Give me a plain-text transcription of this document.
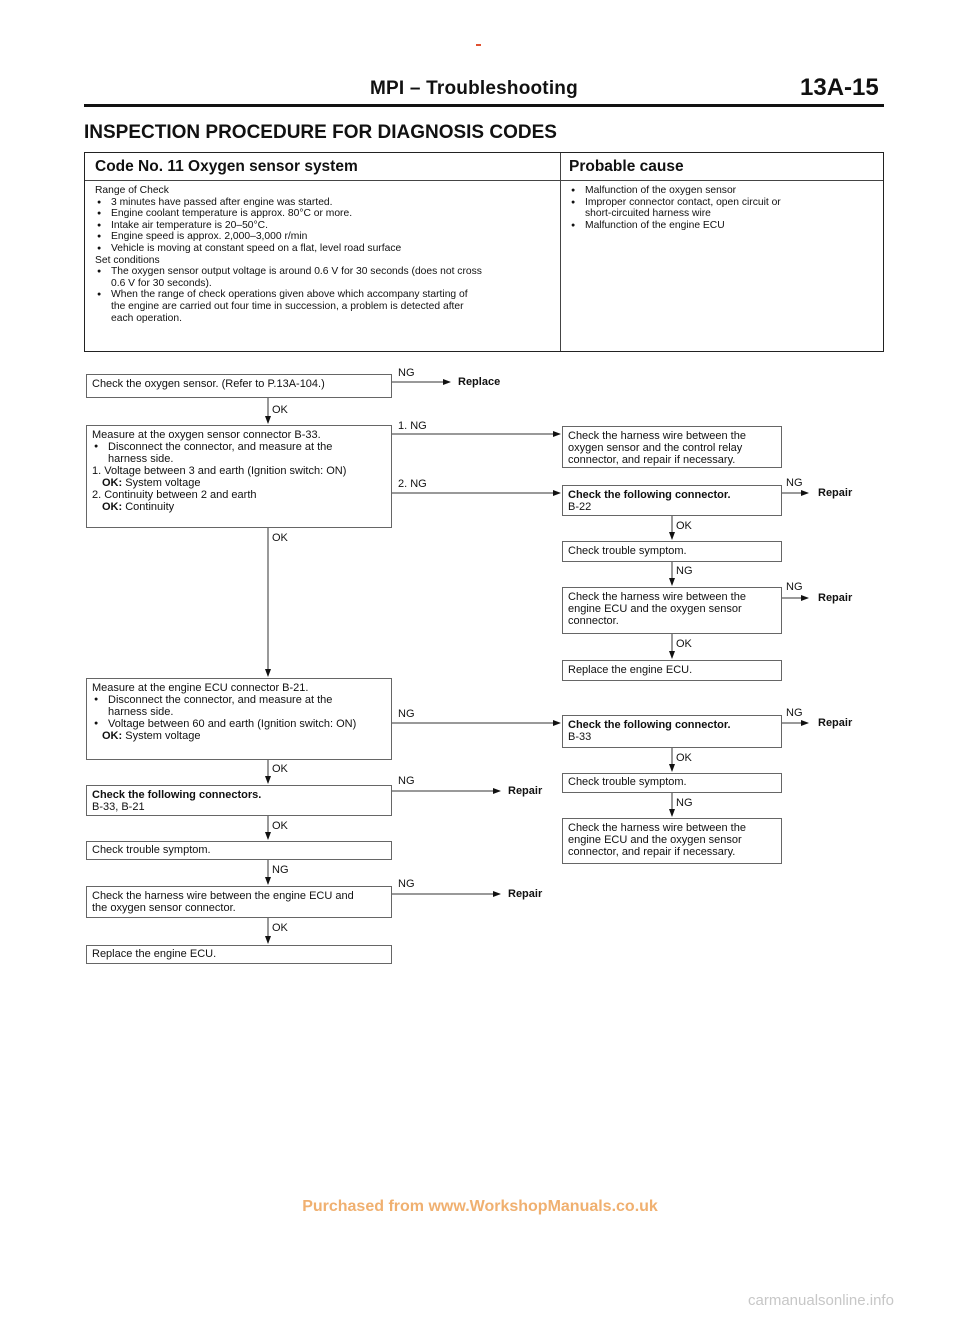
MPI – Troubleshooting	13A-15
INSPECTION PROCEDURE FOR DIAGNOSIS CODES
Code No. 11 Oxygen sensor system	Probable cause
Range of Check
● 3 minutes have passed after engine was started.
● Engine coolant temperature is approx. 80°C or more.
● Intake air temperature is 20–50°C.
● Engine speed is approx. 2,000–3,000 r/min
● Vehicle is moving at constant speed on a flat, level road surface
Set conditions
● The oxygen sensor output voltage is around 0.6 V for 30 seconds (does not cross
0.6 V for 30 seconds).
● When the range of check operations given above which accompany starting of
the engine are carried out four time in succession, a problem is detected after
each operation.
● Malfunction of the oxygen sensor
● Improper connector contact, open circuit or
short-circuited harness wire
● Malfunction of the engine ECU
Check the oxygen sensor. (Refer to P.13A-104.)
NG
Replace
OK
Measure at the oxygen sensor connector B-33.
● Disconnect the connector, and measure at the
harness side.
1. Voltage between 3 and earth (Ignition switch: ON)
OK: System voltage
2. Continuity between 2 and earth
OK: Continuity
1. NG
2. NG
OK
Measure at the engine ECU connector B-21.
● Disconnect the connector, and measure at the
harness side.
● Voltage between 60 and earth (Ignition switch: ON)
OK: System voltage
NG
OK
Check the following connectors.
B-33, B-21
NG
Repair
OK
Check trouble symptom.
NG
Check the harness wire between the engine ECU and
the oxygen sensor connector.
NG
Repair
OK
Replace the engine ECU.
Check the harness wire between the
oxygen sensor and the control relay
connector, and repair if necessary.
Check the following connector.
B-22
NG
Repair
OK
Check trouble symptom.
NG
Check the harness wire between the
engine ECU and the oxygen sensor
connector.
NG
Repair
OK
Replace the engine ECU.
Check the following connector.
B-33
NG
Repair
OK
Check trouble symptom.
NG
Check the harness wire between the
engine ECU and the oxygen sensor
connector, and repair if necessary.
Purchased from www.WorkshopManuals.co.uk
carmanualsonline.info
